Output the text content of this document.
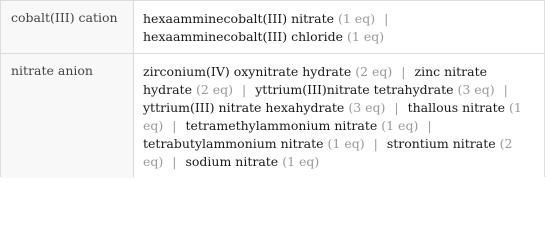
cobalt(III) cation	hexaamminecobalt(III) nitrate (1 eq) | hexaamminecobalt(III) chloride (1 eq)
nitrate anion	zirconium(IV) oxynitrate hydrate (2 eq) | zinc nitrate hydrate (2 eq) | yttrium(III)nitrate tetrahydrate (3 eq) | yttrium(III) nitrate hexahydrate (3 eq) | thallous nitrate (1 eq) | tetramethylammonium nitrate (1 eq) | tetrabutylammonium nitrate (1 eq) | strontium nitrate (2 eq) | sodium nitrate (1 eq)
